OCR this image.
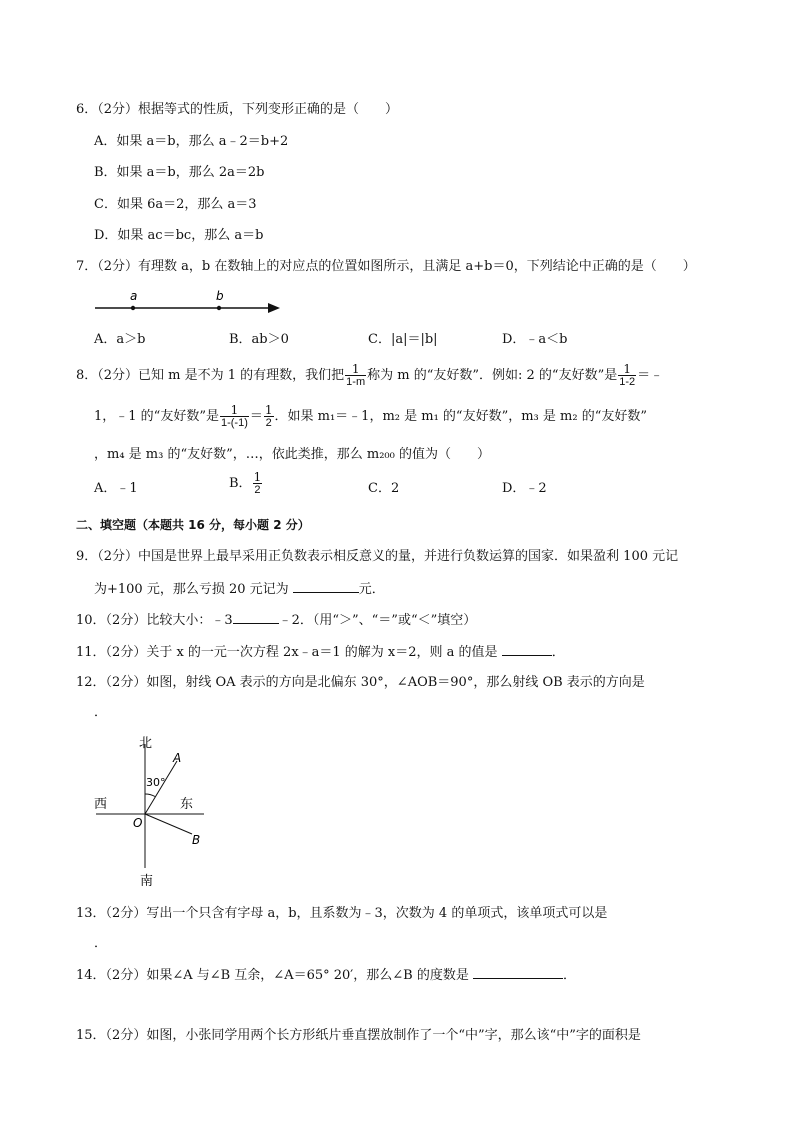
6．（2分）根据等式的性质，下列变形正确的是（　　）
A．如果 a＝b，那么 a﹣2＝b+2
B．如果 a＝b，那么 2a＝2b
C．如果 6a＝2，那么 a＝3
D．如果 ac＝bc，那么 a＝b
7．（2分）有理数 a，b 在数轴上的对应点的位置如图所示，且满足 a+b＝0，下列结论中正确的是（　　）
a	b
A．a＞b	B．ab＞0	C．|a|＝|b|	D．﹣a＜b
8．（2分）已知 m 是不为 1 的有理数，我们把 $\frac{1}{1-m}$ 称为 m 的“友好数”．例如: 2 的“友好数”是 $\frac{1}{1-2}$ ＝﹣
1，﹣1 的“友好数”是 $\frac{1}{1-(-1)} = \frac{1}{2}$ ．如果 m₁＝﹣1，m₂ 是 m₁ 的“友好数”，m₃ 是 m₂ 的“友好数”
，m₄ 是 m₃ 的“友好数”，…，依此类推，那么 m₂₀₀ 的值为（　　）
A．﹣1	B． $\frac{1}{2}$	C．2	D．﹣2
二、填空题（本题共 16 分，每小题 2 分）
9．（2分）中国是世界上最早采用正负数表示相反意义的量，并进行负数运算的国家．如果盈利 100 元记
为+100 元，那么亏损 20 元记为	元．
10．（2分）比较大小：﹣3	﹣2．（用“＞”、“＝”或“＜”填空）
11．（2分）关于 x 的一元一次方程 2x﹣a＝1 的解为 x＝2，则 a 的值是	．
12．（2分）如图，射线 OA 表示的方向是北偏东 30°，∠AOB＝90°，那么射线 OB 表示的方向是
．
北
南
西	东
30°
A
B
O
13．（2分）写出一个只含有字母 a，b，且系数为﹣3，次数为 4 的单项式，该单项式可以是
．
14．（2分）如果∠A 与∠B 互余，∠A＝65° 20′，那么∠B 的度数是	．
15．（2分）如图，小张同学用两个长方形纸片垂直摆放制作了一个“中”字，那么该“中”字的面积是
